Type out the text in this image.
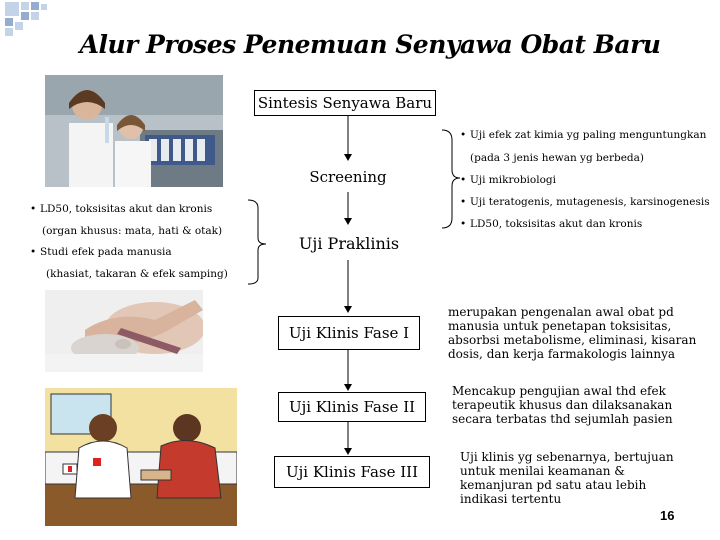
Alur Proses Penemuan Senyawa Obat Baru
Sintesis Senyawa Baru
Screening
Uji Praklinis
Uji Klinis Fase I
Uji Klinis Fase II
Uji Klinis Fase III
• Uji efek zat kimia yg paling menguntungkan
(pada 3 jenis hewan yg berbeda)
• Uji mikrobiologi
• Uji teratogenis, mutagenesis, karsinogenesis
• LD50, toksisitas akut dan kronis
• LD50, toksisitas akut dan kronis
(organ khusus: mata, hati & otak)
• Studi efek pada manusia
(khasiat, takaran & efek samping)
merupakan pengenalan awal obat pd
manusia untuk penetapan toksisitas,
absorbsi metabolisme, eliminasi, kisaran
dosis, dan kerja farmakologis lainnya
Mencakup pengujian awal thd efek
terapeutik khusus dan dilaksanakan
secara terbatas thd sejumlah pasien
Uji klinis yg sebenarnya, bertujuan
untuk menilai keamanan &
kemanjuran pd satu atau lebih
indikasi tertentu
16
